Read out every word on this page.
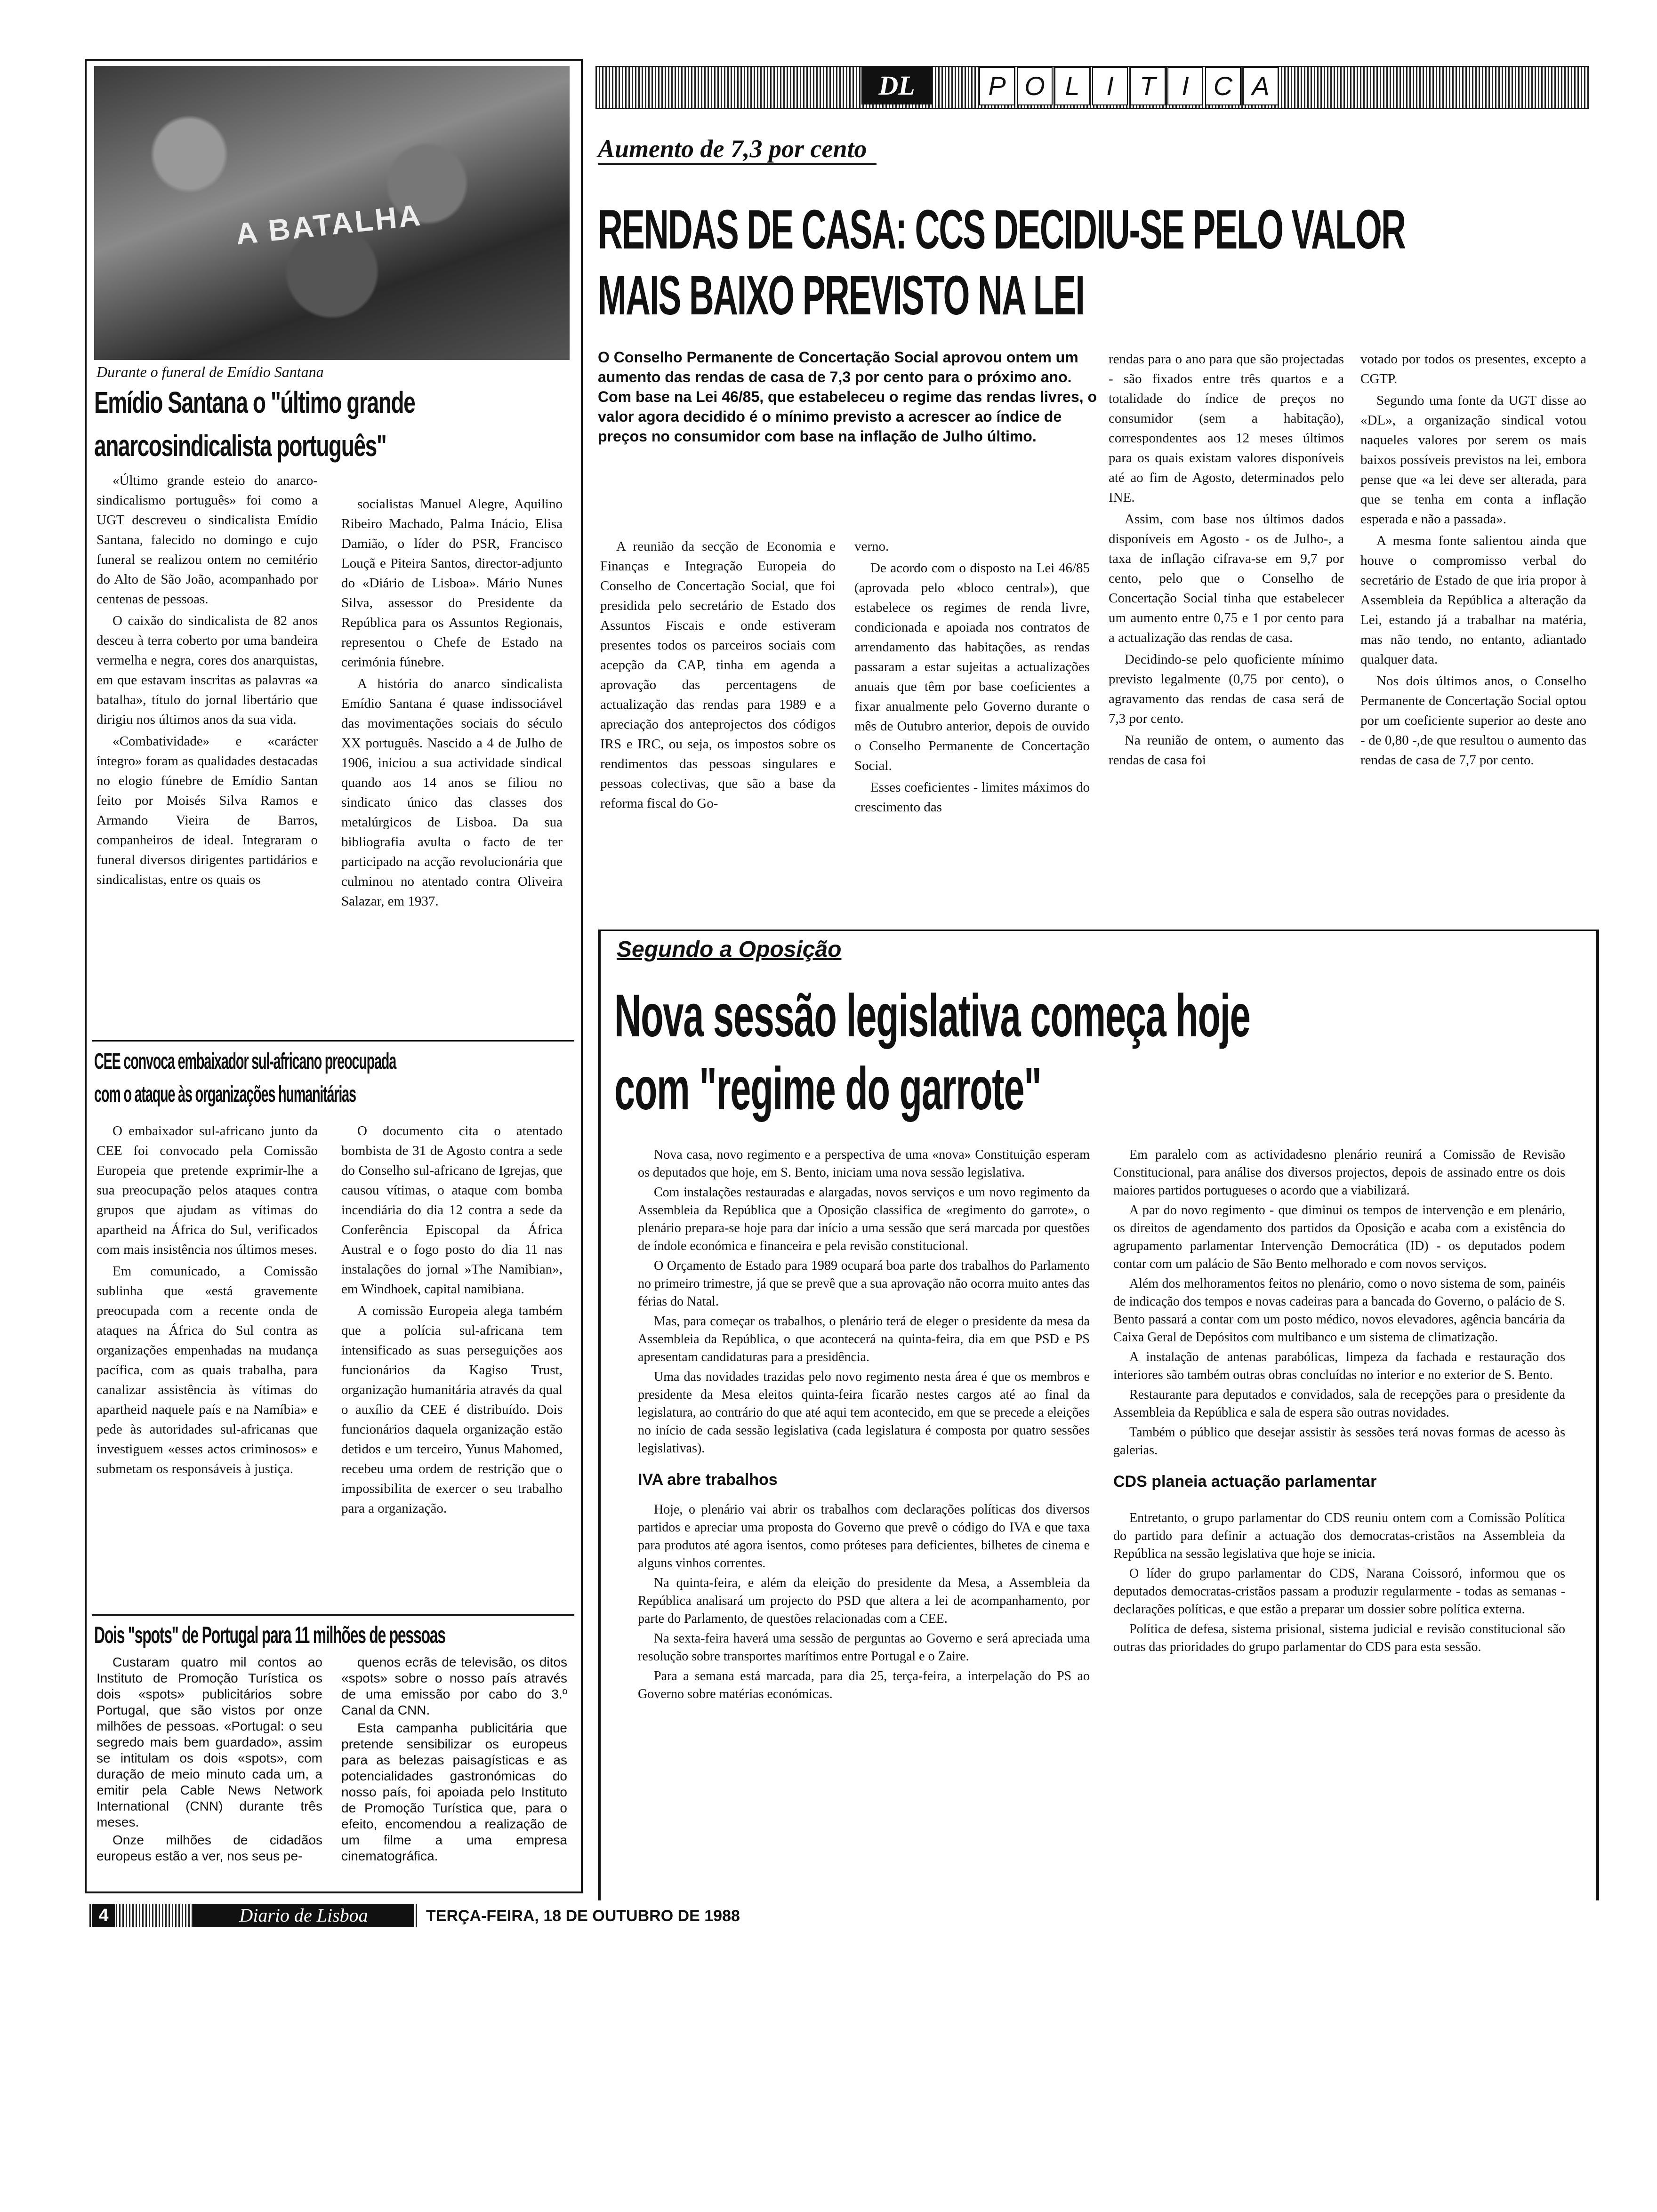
A BATALHA
Durante o funeral de Emídio Santana
Emídio Santana o "último grande
anarcosindicalista português"

«Último grande esteio do anarco-sindicalismo português» foi como a UGT descreveu o sindicalista Emídio Santana, falecido no domingo e cujo funeral se realizou ontem no cemitério do Alto de São João, acompanhado por centenas de pessoas.

O caixão do sindicalista de 82 anos desceu à terra coberto por uma bandeira vermelha e negra, cores dos anarquistas, em que estavam inscritas as palavras «a batalha», título do jornal libertário que dirigiu nos últimos anos da sua vida.

«Combatividade» e «carácter íntegro» foram as qualidades destacadas no elogio fúnebre de Emídio Santan feito por Moisés Silva Ramos e Armando Vieira de Barros, companheiros de ideal. Integraram o funeral diversos dirigentes partidários e sindicalistas, entre os quais os

socialistas Manuel Alegre, Aquilino Ribeiro Machado, Palma Inácio, Elisa Damião, o líder do PSR, Francisco Louçã e Piteira Santos, director-adjunto do «Diário de Lisboa». Mário Nunes Silva, assessor do Presidente da República para os Assuntos Regionais, representou o Chefe de Estado na cerimónia fúnebre.

A história do anarco sindicalista Emídio Santana é quase indissociável das movimentações sociais do século XX português. Nascido a 4 de Julho de 1906, iniciou a sua actividade sindical quando aos 14 anos se filiou no sindicato único das classes dos metalúrgicos de Lisboa. Da sua bibliografia avulta o facto de ter participado na acção revolucionária que culminou no atentado contra Oliveira Salazar, em 1937.

CEE convoca embaixador sul-africano preocupada
com o ataque às organizações humanitárias

O embaixador sul-africano junto da CEE foi convocado pela Comissão Europeia que pretende exprimir-lhe a sua preocupação pelos ataques contra grupos que ajudam as vítimas do apartheid na África do Sul, verificados com mais insistência nos últimos meses.

Em comunicado, a Comissão sublinha que «está gravemente preocupada com a recente onda de ataques na África do Sul contra as organizações empenhadas na mudança pacífica, com as quais trabalha, para canalizar assistência às vítimas do apartheid naquele país e na Namíbia» e pede às autoridades sul-africanas que investiguem «esses actos criminosos» e submetam os responsáveis à justiça.

O documento cita o atentado bombista de 31 de Agosto contra a sede do Conselho sul-africano de Igrejas, que causou vítimas, o ataque com bomba incendiária do dia 12 contra a sede da Conferência Episcopal da África Austral e o fogo posto do dia 11 nas instalações do jornal »The Namibian», em Windhoek, capital namibiana.

A comissão Europeia alega também que a polícia sul-africana tem intensificado as suas perseguições aos funcionários da Kagiso Trust, organização humanitária através da qual o auxílio da CEE é distribuído. Dois funcionários daquela organização estão detidos e um terceiro, Yunus Mahomed, recebeu uma ordem de restrição que o impossibilita de exercer o seu trabalho para a organização.

Dois "spots" de Portugal para 11 milhões de pessoas

Custaram quatro mil contos ao Instituto de Promoção Turística os dois «spots» publicitários sobre Portugal, que são vistos por onze milhões de pessoas. «Portugal: o seu segredo mais bem guardado», assim se intitulam os dois «spots», com duração de meio minuto cada um, a emitir pela Cable News Network International (CNN) durante três meses.

Onze milhões de cidadãos europeus estão a ver, nos seus pe-

quenos ecrãs de televisão, os ditos «spots» sobre o nosso país através de uma emissão por cabo do 3.º Canal da CNN.

Esta campanha publicitária que pretende sensibilizar os europeus para as belezas paisagísticas e as potencialidades gastronómicas do nosso país, foi apoiada pelo Instituto de Promoção Turística que, para o efeito, encomendou a realização de um filme a uma empresa cinematográfica.

DL	P O L	I T I C A
Aumento de 7,3 por cento
RENDAS DE CASA: CCS DECIDIU-SE PELO VALOR
MAIS BAIXO PREVISTO NA LEI
O Conselho Permanente de Concertação Social aprovou ontem um aumento das rendas de casa de 7,3 por cento para o próximo ano. Com base na Lei 46/85, que estabeleceu o regime das rendas livres, o valor agora decidido é o mínimo previsto a acrescer ao índice de preços no consumidor com base na inflação de Julho último.

A reunião da secção de Economia e Finanças e Integração Europeia do Conselho de Concertação Social, que foi presidida pelo secretário de Estado dos Assuntos Fiscais e onde estiveram presentes todos os parceiros sociais com acepção da CAP, tinha em agenda a aprovação das percentagens de actualização das rendas para 1989 e a apreciação dos anteprojectos dos códigos IRS e IRC, ou seja, os impostos sobre os rendimentos das pessoas singulares e pessoas colectivas, que são a base da reforma fiscal do Go-

verno.

De acordo com o disposto na Lei 46/85 (aprovada pelo «bloco central»), que estabelece os regimes de renda livre, condicionada e apoiada nos contratos de arrendamento das habitações, as rendas passaram a estar sujeitas a actualizações anuais que têm por base coeficientes a fixar anualmente pelo Governo durante o mês de Outubro anterior, depois de ouvido o Conselho Permanente de Concertação Social.

Esses coeficientes - limites máximos do crescimento das

rendas para o ano para que são projectadas - são fixados entre três quartos e a totalidade do índice de preços no consumidor (sem a habitação), correspondentes aos 12 meses últimos para os quais existam valores disponíveis até ao fim de Agosto, determinados pelo INE.

Assim, com base nos últimos dados disponíveis em Agosto - os de Julho-, a taxa de inflação cifrava-se em 9,7 por cento, pelo que o Conselho de Concertação Social tinha que estabelecer um aumento entre 0,75 e 1 por cento para a actualização das rendas de casa.

Decidindo-se pelo quoficiente mínimo previsto legalmente (0,75 por cento), o agravamento das rendas de casa será de 7,3 por cento.

Na reunião de ontem, o aumento das rendas de casa foi

votado por todos os presentes, excepto a CGTP.

Segundo uma fonte da UGT disse ao «DL», a organização sindical votou naqueles valores por serem os mais baixos possíveis previstos na lei, embora pense que «a lei deve ser alterada, para que se tenha em conta a inflação esperada e não a passada».

A mesma fonte salientou ainda que houve o compromisso verbal do secretário de Estado de que iria propor à Assembleia da República a alteração da Lei, estando já a trabalhar na matéria, mas não tendo, no entanto, adiantado qualquer data.

Nos dois últimos anos, o Conselho Permanente de Concertação Social optou por um coeficiente superior ao deste ano - de 0,80 -,de que resultou o aumento das rendas de casa de 7,7 por cento.

Segundo a Oposição
Nova sessão legislativa começa hoje
com "regime do garrote"

Nova casa, novo regimento e a perspectiva de uma «nova» Constituição esperam os deputados que hoje, em S. Bento, iniciam uma nova sessão legislativa.

Com instalações restauradas e alargadas, novos serviços e um novo regimento da Assembleia da República que a Oposição classifica de «regimento do garrote», o plenário prepara-se hoje para dar início a uma sessão que será marcada por questões de índole económica e financeira e pela revisão constitucional.

O Orçamento de Estado para 1989 ocupará boa parte dos trabalhos do Parlamento no primeiro trimestre, já que se prevê que a sua aprovação não ocorra muito antes das férias do Natal.

Mas, para começar os trabalhos, o plenário terá de eleger o presidente da mesa da Assembleia da República, o que acontecerá na quinta-feira, dia em que PSD e PS apresentam candidaturas para a presidência.

Uma das novidades trazidas pelo novo regimento nesta área é que os membros e presidente da Mesa eleitos quinta-feira ficarão nestes cargos até ao final da legislatura, ao contrário do que até aqui tem acontecido, em que se precede a eleições no início de cada sessão legislativa (cada legislatura é composta por quatro sessões legislativas).

IVA abre trabalhos

Hoje, o plenário vai abrir os trabalhos com declarações políticas dos diversos partidos e apreciar uma proposta do Governo que prevê o código do IVA e que taxa para produtos até agora isentos, como próteses para deficientes, bilhetes de cinema e alguns vinhos correntes.

Na quinta-feira, e além da eleição do presidente da Mesa, a Assembleia da República analisará um projecto do PSD que altera a lei de acompanhamento, por parte do Parlamento, de questões relacionadas com a CEE.

Na sexta-feira haverá uma sessão de perguntas ao Governo e será apreciada uma resolução sobre transportes marítimos entre Portugal e o Zaire.

Para a semana está marcada, para dia 25, terça-feira, a interpelação do PS ao Governo sobre matérias económicas.

Em paralelo com as actividadesno plenário reunirá a Comissão de Revisão Constitucional, para análise dos diversos projectos, depois de assinado entre os dois maiores partidos portugueses o acordo que a viabilizará.

A par do novo regimento - que diminui os tempos de intervenção e em plenário, os direitos de agendamento dos partidos da Oposição e acaba com a existência do agrupamento parlamentar Intervenção Democrática (ID) - os deputados podem contar com um palácio de São Bento melhorado e com novos serviços.

Além dos melhoramentos feitos no plenário, como o novo sistema de som, painéis de indicação dos tempos e novas cadeiras para a bancada do Governo, o palácio de S. Bento passará a contar com um posto médico, novos elevadores, agência bancária da Caixa Geral de Depósitos com multibanco e um sistema de climatização.

A instalação de antenas parabólicas, limpeza da fachada e restauração dos interiores são também outras obras concluídas no interior e no exterior de S. Bento.

Restaurante para deputados e convidados, sala de recepções para o presidente da Assembleia da República e sala de espera são outras novidades.

Também o público que desejar assistir às sessões terá novas formas de acesso às galerias.

CDS planeia actuação parlamentar

Entretanto, o grupo parlamentar do CDS reuniu ontem com a Comissão Política do partido para definir a actuação dos democratas-cristãos na Assembleia da República na sessão legislativa que hoje se inicia.

O líder do grupo parlamentar do CDS, Narana Coissoró, informou que os deputados democratas-cristãos passam a produzir regularmente - todas as semanas - declarações políticas, e que estão a preparar um dossier sobre política externa.

Política de defesa, sistema prisional, sistema judicial e revisão constitucional são outras das prioridades do grupo parlamentar do CDS para esta sessão.

4	Diario de Lisboa	TERÇA-FEIRA, 18 DE OUTUBRO DE 1988
